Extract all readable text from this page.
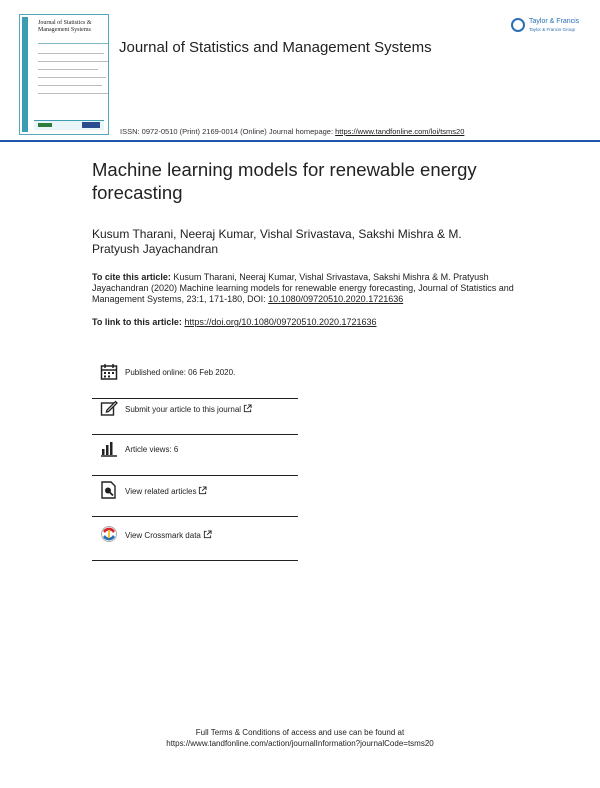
Journal of Statistics & Management Systems
Journal of Statistics and Management Systems
Taylor & Francis
Taylor & Francis Group
ISSN: 0972-0510 (Print) 2169-0014 (Online) Journal homepage: https://www.tandfonline.com/loi/tsms20
Machine learning models for renewable energy forecasting
Kusum Tharani, Neeraj Kumar, Vishal Srivastava, Sakshi Mishra & M. Pratyush Jayachandran
To cite this article: Kusum Tharani, Neeraj Kumar, Vishal Srivastava, Sakshi Mishra & M. Pratyush Jayachandran (2020) Machine learning models for renewable energy forecasting, Journal of Statistics and Management Systems, 23:1, 171-180, DOI: 10.1080/09720510.2020.1721636
To link to this article: https://doi.org/10.1080/09720510.2020.1721636
Published online: 06 Feb 2020.
Submit your article to this journal
Article views: 6
View related articles
View Crossmark data
Full Terms & Conditions of access and use can be found at
https://www.tandfonline.com/action/journalInformation?journalCode=tsms20
